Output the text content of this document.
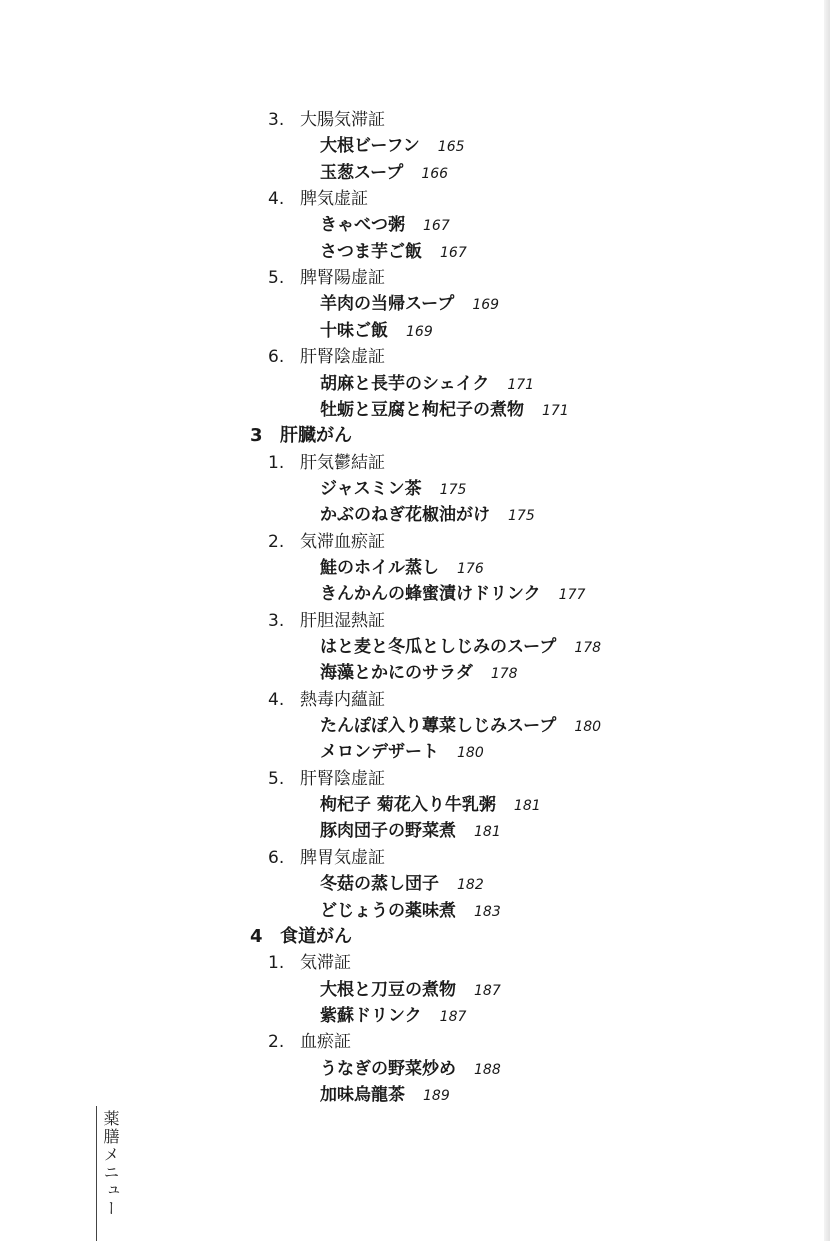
3. 大腸気滞証
大根ビーフン 165
玉葱スープ 166
4. 脾気虚証
きゃべつ粥 167
さつま芋ご飯 167
5. 脾腎陽虚証
羊肉の当帰スープ 169
十味ご飯 169
6. 肝腎陰虚証
胡麻と長芋のシェイク 171
牡蛎と豆腐と枸杞子の煮物 171
3 肝臓がん
1. 肝気鬱結証
ジャスミン茶 175
かぶのねぎ花椒油がけ 175
2. 気滞血瘀証
鮭のホイル蒸し 176
きんかんの蜂蜜漬けドリンク 177
3. 肝胆湿熱証
はと麦と冬瓜としじみのスープ 178
海藻とかにのサラダ 178
4. 熱毒内蘊証
たんぽぽ入り蓴菜しじみスープ 180
メロンデザート 180
5. 肝腎陰虚証
枸杞子 菊花入り牛乳粥 181
豚肉団子の野菜煮 181
6. 脾胃気虚証
冬菇の蒸し団子 182
どじょうの薬味煮 183
4 食道がん
1. 気滞証
大根と刀豆の煮物 187
紫蘇ドリンク 187
2. 血瘀証
うなぎの野菜炒め 188
加味烏龍茶 189
薬膳メニュー
